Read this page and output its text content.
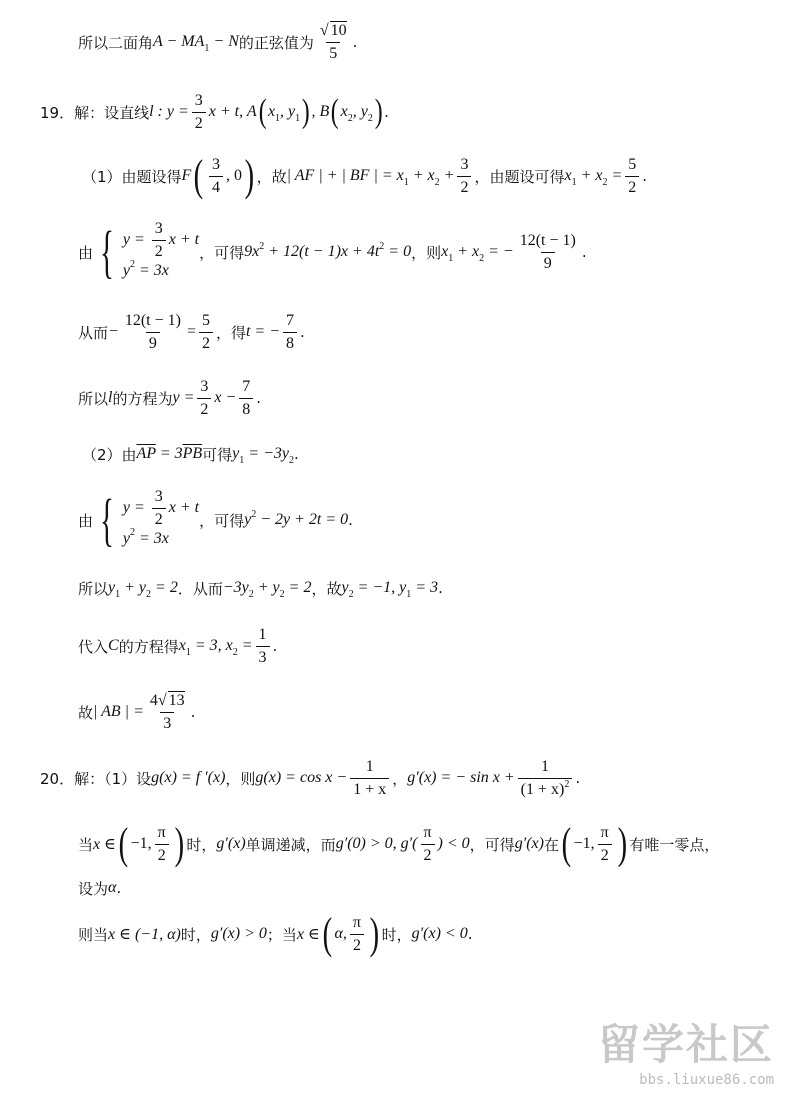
所以二面角 $A - MA_1 - N$ 的正弦值为 $\frac{√ 10}{5}$ .
19． 解：设直线 l : $y = \frac{3}{2}$ x + t, A ( $x_1$, $y_1$ ) , B ( $x_2$, $y_2$ ) .
（1）由题设得 F ( $\frac{3}{4}$ , 0 ) ，故 | AF | + | BF | = $x_1 + x_2 + \frac{3}{2}$ ，由题设可得 $x_1 + x_2 = \frac{5}{2}$ .
由 { $y = \frac{3}{2}$ x + t
y 2 = 3x
，可得 $9x^2 + 12(t - 1)x + 4t^2 = 0$ ，则 $x_1 + x_2$ = − $\frac{12(t - 1)}{9}$ .
从而 − $\frac{12(t - 1)}{9} = \frac{5}{2}$ ，得 t = − $\frac{7}{8}$ .
所以 l 的方程为 $y = \frac{3}{2}$ $x - \frac{7}{8}$ .
（2）由 $\overline{AP} = 3\overline{PB}$ 可得 $y_1 = -3y_2$ .
由 { $y = \frac{3}{2}$ x + t
y 2 = 3x
，可得 $y^2 - 2y + 2t = 0$ .
所以 $y_1 + y_2 = 2$ ．从而 $-3y_2 + y_2 = 2$ ，故 $y_2 = -1$, $y_1 = 3$ .
代入 C 的方程得 $x_1 = 3$, $x_2 = \frac{1}{3}$ .
故 | AB | = $\frac{4√ 13}{3}$ .
20． 解：（1）设 g(x) = f ′(x) ，则 $g(x) = \cos x - \frac{1}{1 + x}$ ， g′(x) = − $\sin x + \frac{1}{(1 + x)^2}$ .
当 x ∈ ( −1, $\frac{\pi}{2}$ ) 时， g′(x) 单调递减，而 g′(0) > 0, $g'( \frac{\pi}{2}$ ) < 0 ，可得 g′(x) 在 ( −1, $\frac{\pi}{2}$ ) 有唯一零点，
设为 α .
则当 x ∈ (−1, α) 时， g′(x) > 0 ；当 x ∈ ( α, $\frac{\pi}{2}$ ) 时， g′(x) < 0 .
留学社区
bbs.liuxue86.com
